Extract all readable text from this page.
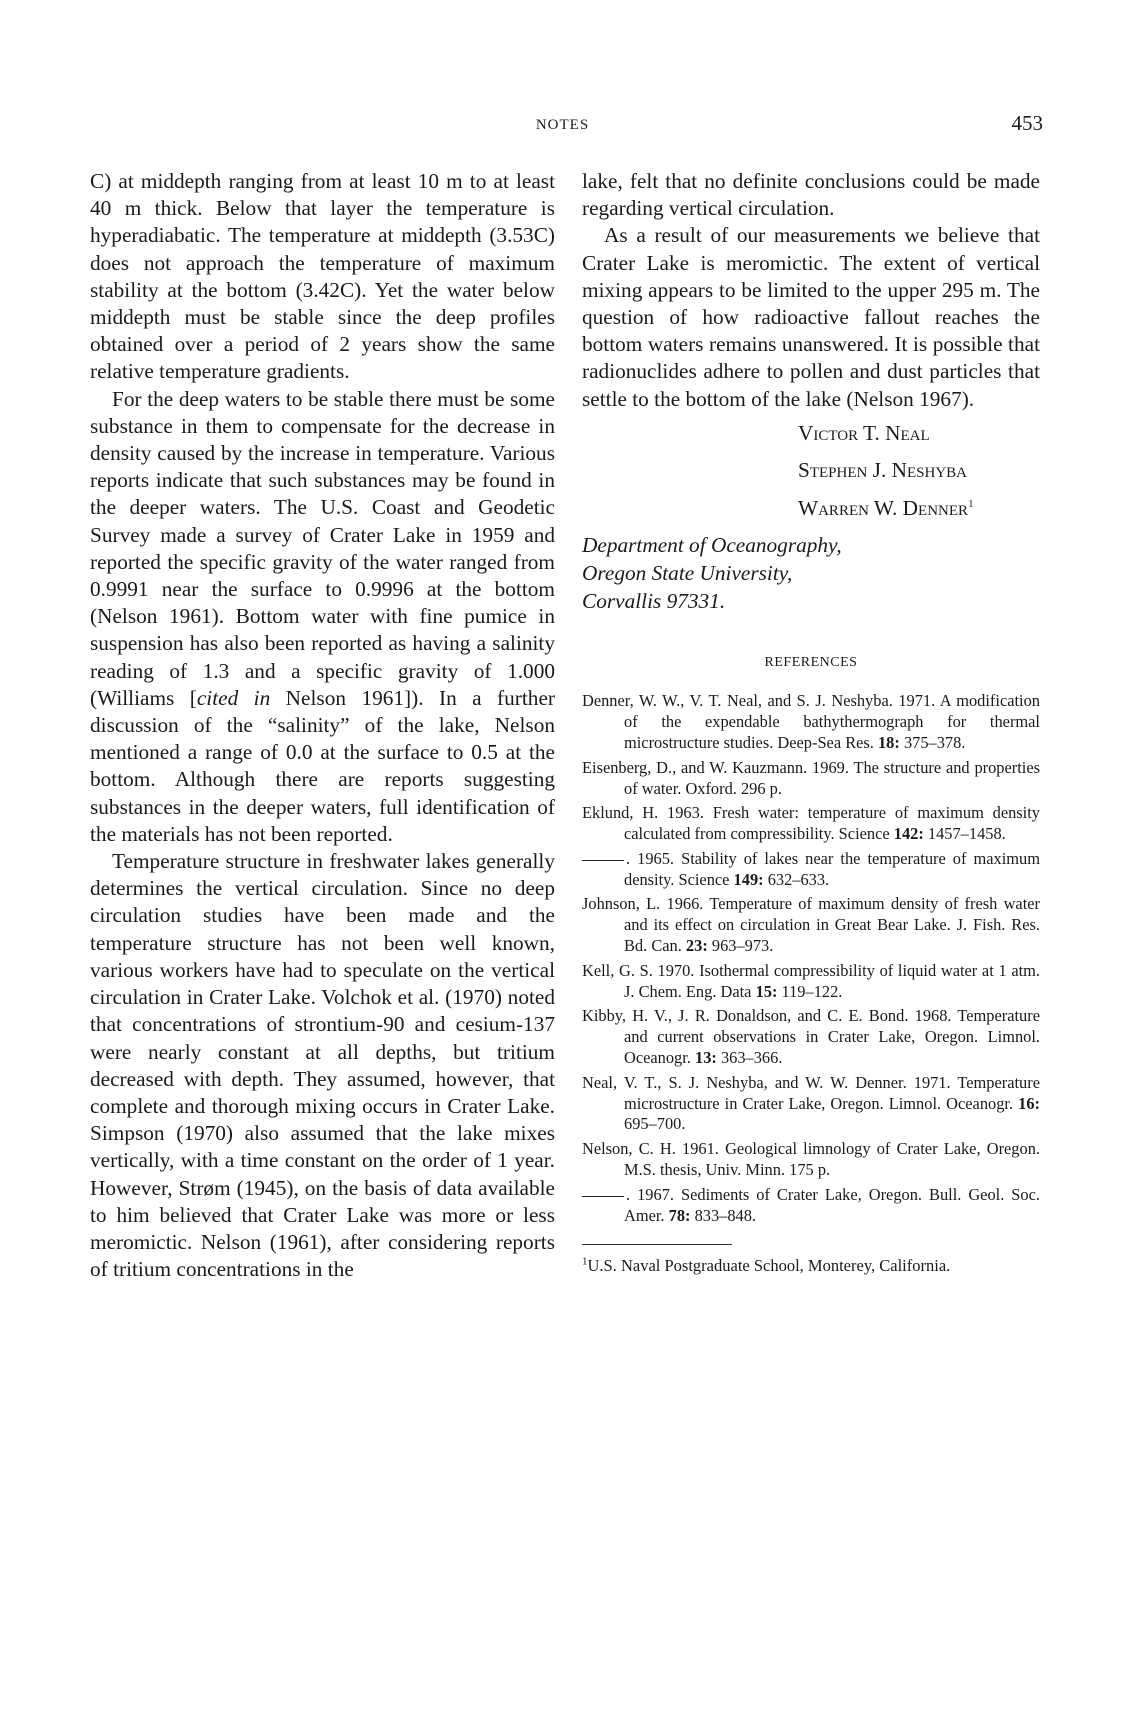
NOTES	453

C) at middepth ranging from at least 10 m to at least 40 m thick. Below that layer the temperature is hyperadiabatic. The temperature at middepth (3.53C) does not approach the temperature of maximum stability at the bottom (3.42C). Yet the water below middepth must be stable since the deep profiles obtained over a period of 2 years show the same relative temperature gradients.

For the deep waters to be stable there must be some substance in them to compensate for the decrease in density caused by the increase in temperature. Various reports indicate that such substances may be found in the deeper waters. The U.S. Coast and Geodetic Survey made a survey of Crater Lake in 1959 and reported the specific gravity of the water ranged from 0.9991 near the surface to 0.9996 at the bottom (Nelson 1961). Bottom water with fine pumice in suspension has also been reported as having a salinity reading of 1.3 and a specific gravity of 1.000 (Williams [cited in Nelson 1961]). In a further discussion of the “salinity” of the lake, Nelson mentioned a range of 0.0 at the surface to 0.5 at the bottom. Although there are reports suggesting substances in the deeper waters, full identification of the materials has not been reported.

Temperature structure in freshwater lakes generally determines the vertical circulation. Since no deep circulation studies have been made and the temperature structure has not been well known, various workers have had to speculate on the vertical circulation in Crater Lake. Volchok et al. (1970) noted that concentrations of strontium-90 and cesium-137 were nearly constant at all depths, but tritium decreased with depth. They assumed, however, that complete and thorough mixing occurs in Crater Lake. Simpson (1970) also assumed that the lake mixes vertically, with a time constant on the order of 1 year. However, Strøm (1945), on the basis of data available to him believed that Crater Lake was more or less meromictic. Nelson (1961), after considering reports of tritium concentrations in the

lake, felt that no definite conclusions could be made regarding vertical circulation.

As a result of our measurements we believe that Crater Lake is meromictic. The extent of vertical mixing appears to be limited to the upper 295 m. The question of how radioactive fallout reaches the bottom waters remains unanswered. It is possible that radionuclides adhere to pollen and dust particles that settle to the bottom of the lake (Nelson 1967).

Victor T. Neal

Stephen J. Neshyba

Warren W. Denner$^1$

Department of Oceanography,
Oregon State University,
Corvallis 97331.
REFERENCES

Denner, W. W., V. T. Neal, and S. J. Neshyba. 1971. A modification of the expendable bathythermograph for thermal microstructure studies. Deep-Sea Res. 18: 375–378.

Eisenberg, D., and W. Kauzmann. 1969. The structure and properties of water. Oxford. 296 p.

Eklund, H. 1963. Fresh water: temperature of maximum density calculated from compressibility. Science 142: 1457–1458.

. 1965. Stability of lakes near the temperature of maximum density. Science 149: 632–633.

Johnson, L. 1966. Temperature of maximum density of fresh water and its effect on circulation in Great Bear Lake. J. Fish. Res. Bd. Can. 23: 963–973.

Kell, G. S. 1970. Isothermal compressibility of liquid water at 1 atm. J. Chem. Eng. Data 15: 119–122.

Kibby, H. V., J. R. Donaldson, and C. E. Bond. 1968. Temperature and current observations in Crater Lake, Oregon. Limnol. Oceanogr. 13: 363–366.

Neal, V. T., S. J. Neshyba, and W. W. Denner. 1971. Temperature microstructure in Crater Lake, Oregon. Limnol. Oceanogr. 16: 695–700.

Nelson, C. H. 1961. Geological limnology of Crater Lake, Oregon. M.S. thesis, Univ. Minn. 175 p.

. 1967. Sediments of Crater Lake, Oregon. Bull. Geol. Soc. Amer. 78: 833–848.

$^1$U.S. Naval Postgraduate School, Monterey, California.
